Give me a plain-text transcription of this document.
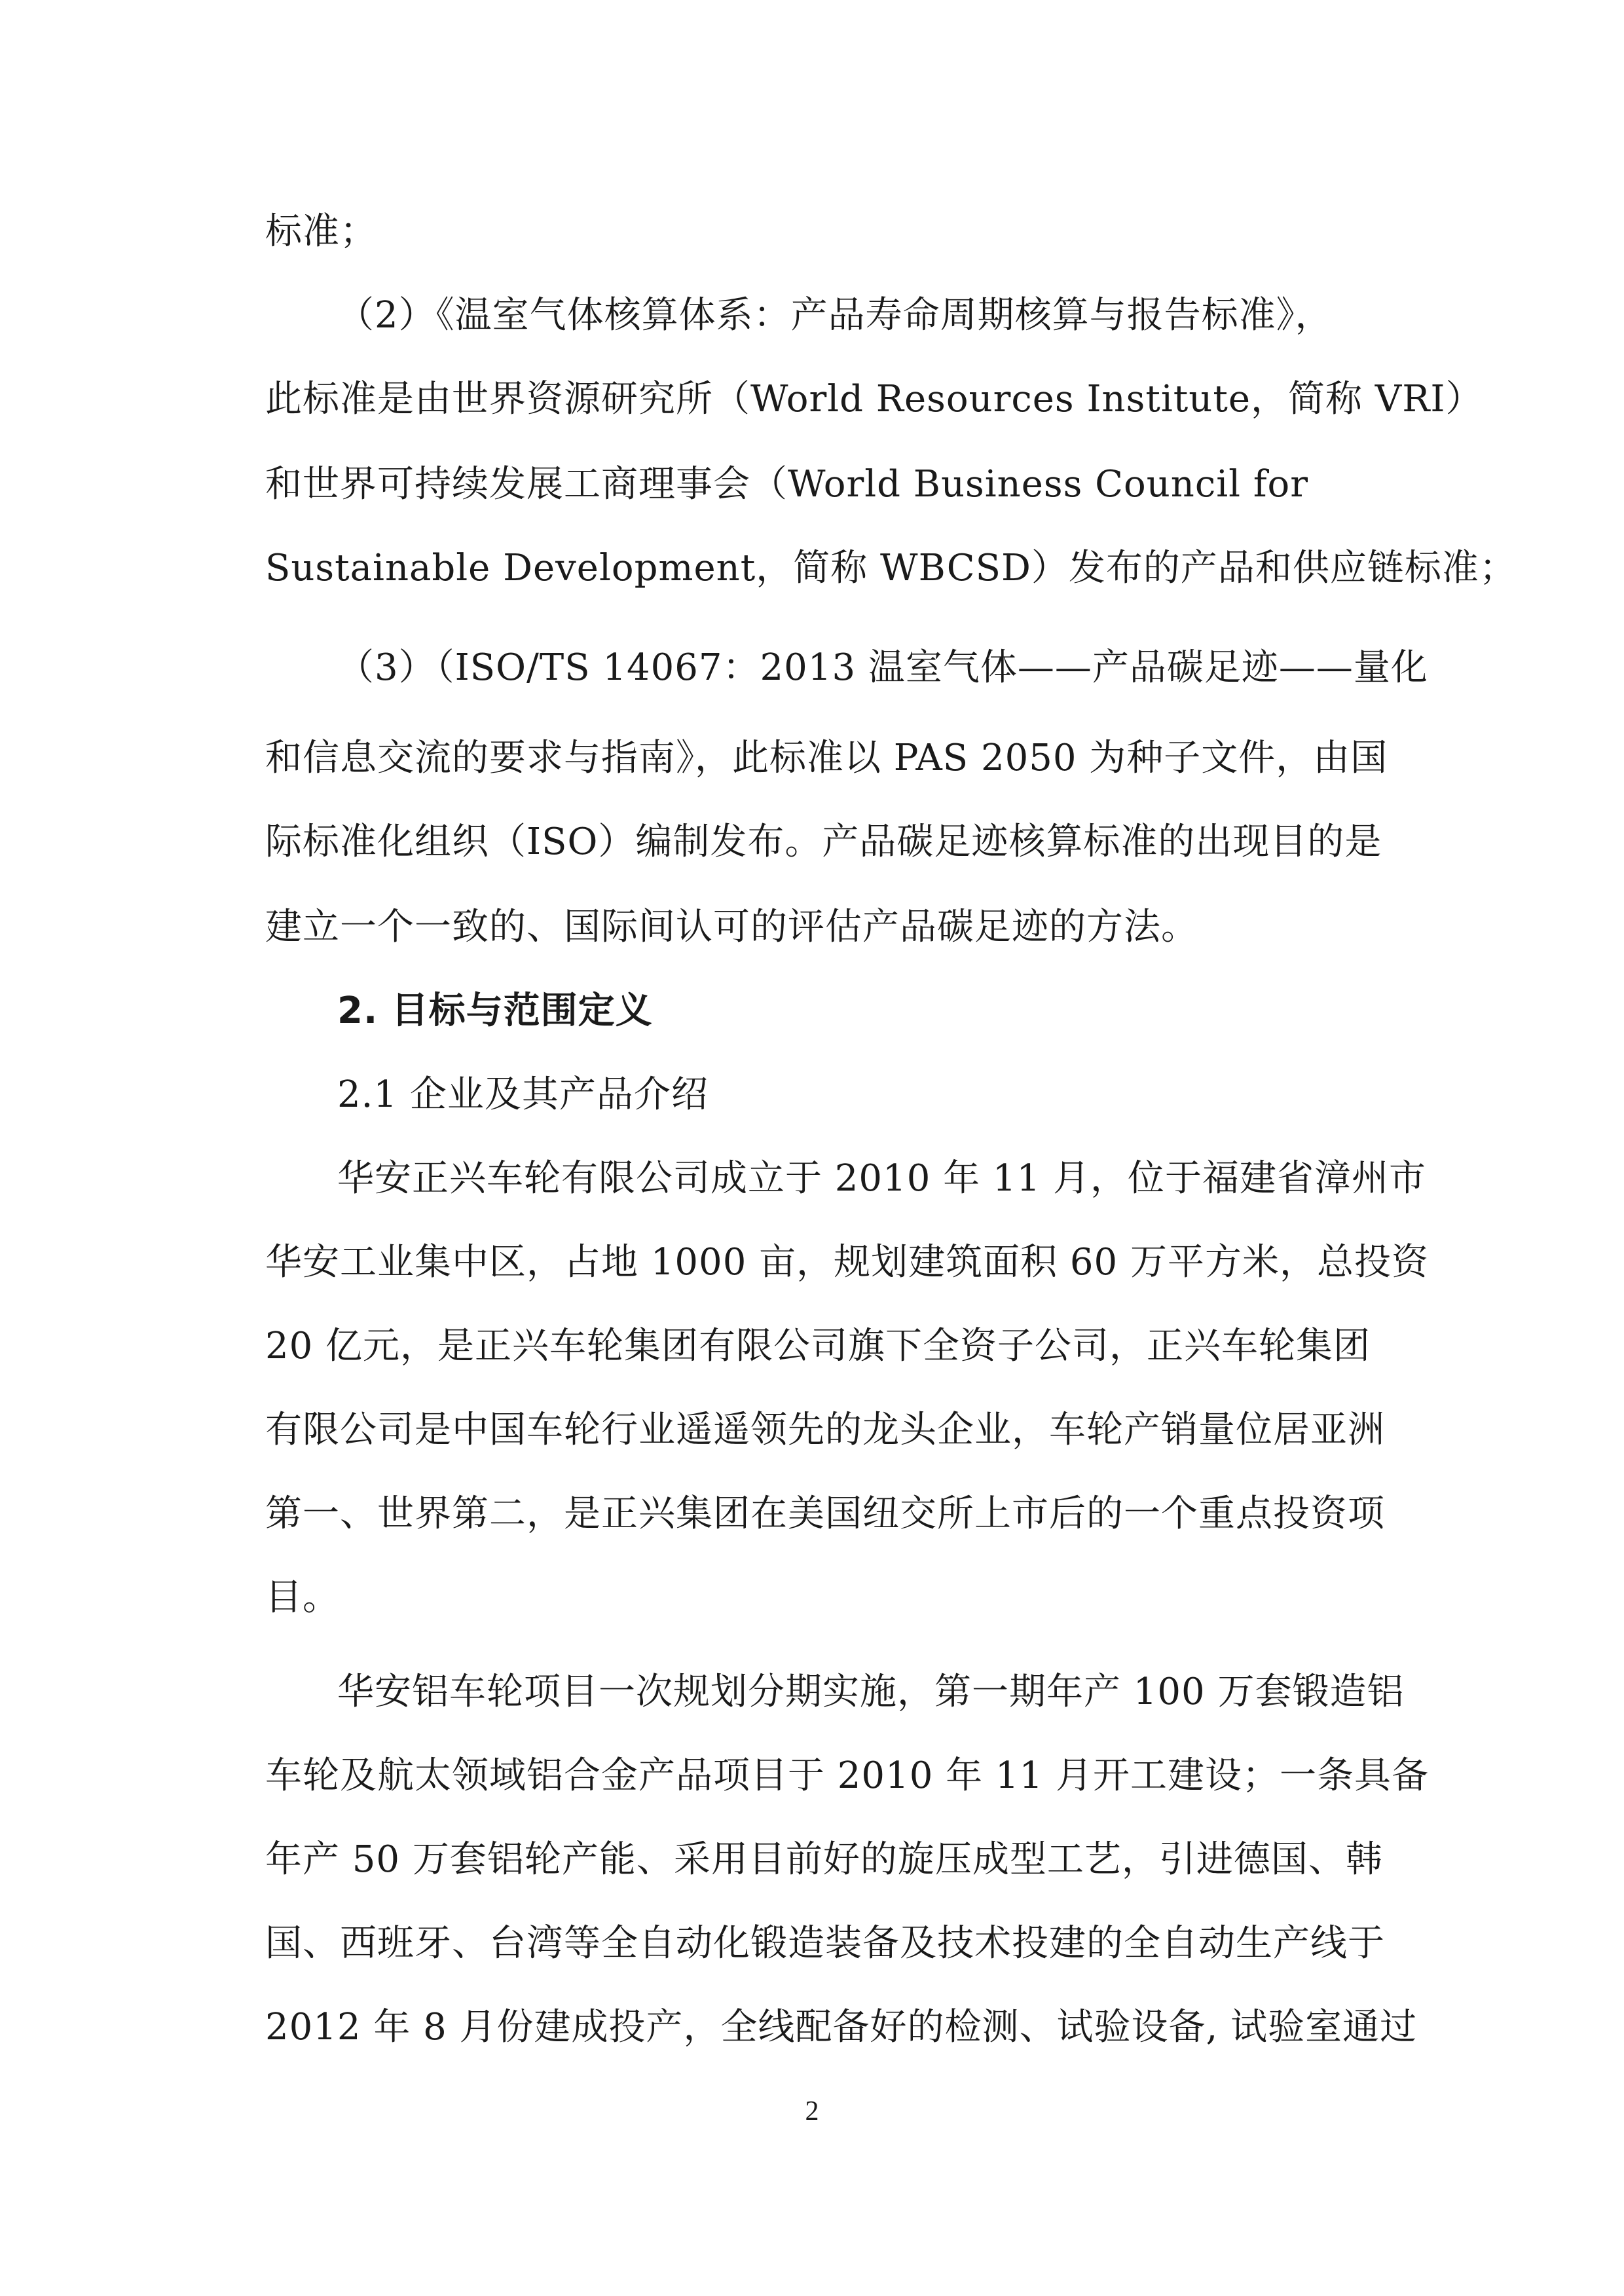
标准；
（2）《温室气体核算体系：产品寿命周期核算与报告标准》，
此标准是由世界资源研究所（World Resources Institute，简称 VRI）
和世界可持续发展工商理事会（World Business Council for
Sustainable Development，简称 WBCSD）发布的产品和供应链标准；
（3）（ISO/TS 14067：2013 温室气体——产品碳足迹——量化
和信息交流的要求与指南》，此标准以 PAS 2050 为种子文件，由国
际标准化组织（ISO）编制发布。产品碳足迹核算标准的出现目的是
建立一个一致的、国际间认可的评估产品碳足迹的方法。
2. 目标与范围定义
2.1 企业及其产品介绍
华安正兴车轮有限公司成立于 2010 年 11 月，位于福建省漳州市
华安工业集中区，占地 1000 亩，规划建筑面积 60 万平方米，总投资
20 亿元，是正兴车轮集团有限公司旗下全资子公司，正兴车轮集团
有限公司是中国车轮行业遥遥领先的龙头企业，车轮产销量位居亚洲
第一、世界第二，是正兴集团在美国纽交所上市后的一个重点投资项
目。
华安铝车轮项目一次规划分期实施，第一期年产 100 万套锻造铝
车轮及航太领域铝合金产品项目于 2010 年 11 月开工建设；一条具备
年产 50 万套铝轮产能、采用目前好的旋压成型工艺，引进德国、韩
国、西班牙、台湾等全自动化锻造装备及技术投建的全自动生产线于
2012 年 8 月份建成投产，全线配备好的检测、试验设备, 试验室通过
2
